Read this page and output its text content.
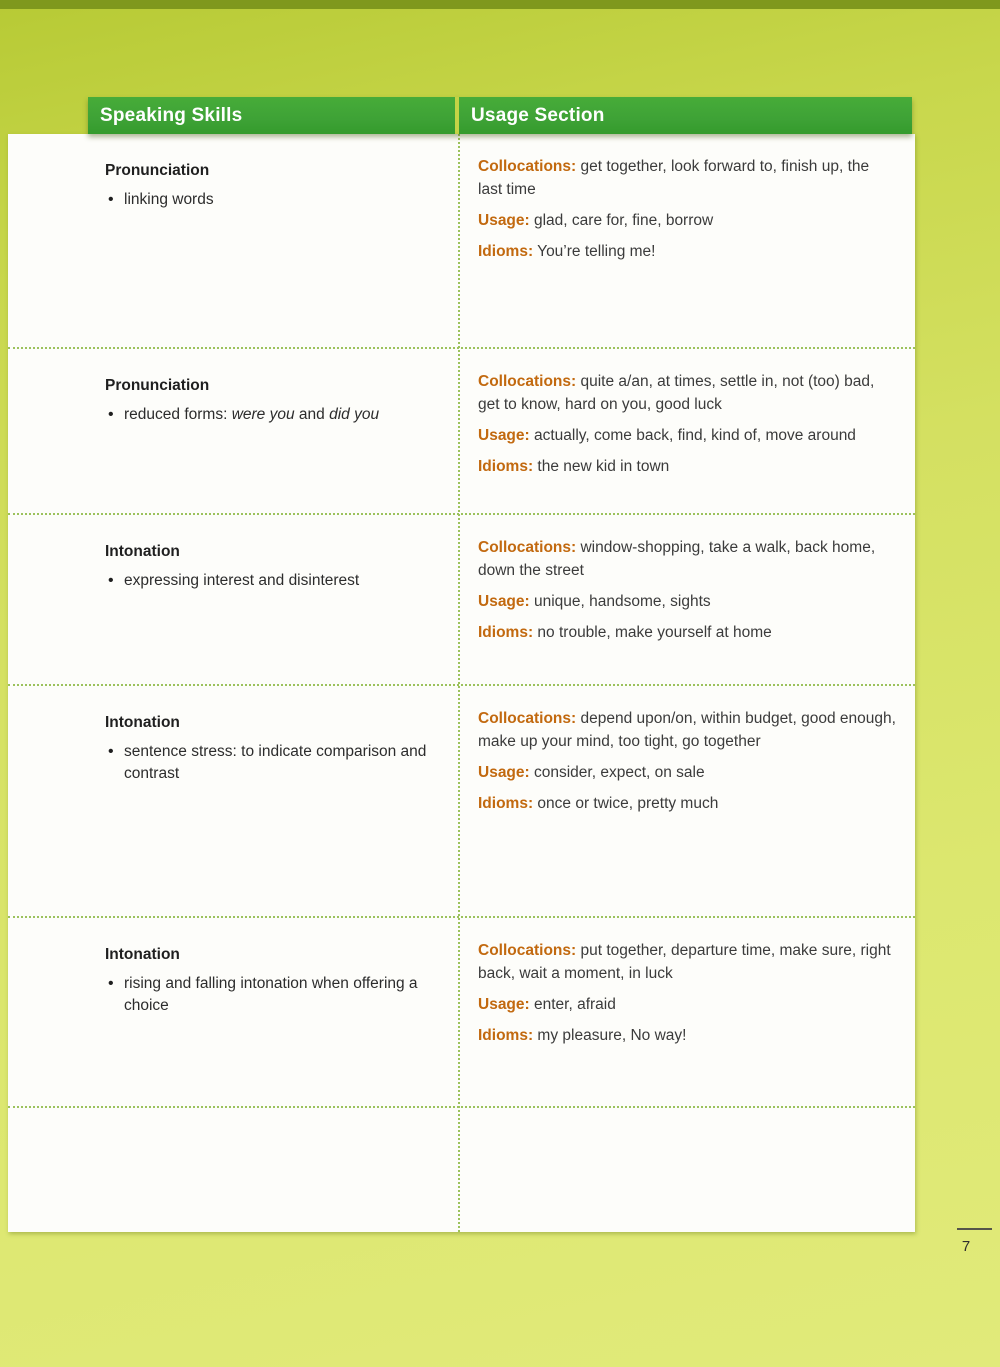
Pronunciation
• linking words

Collocations: get together, look forward to, finish up, the last time

Usage: glad, care for, fine, borrow

Idioms: You’re telling me!

Pronunciation
• reduced forms: were you and did you

Collocations: quite a/an, at times, settle in, not (too) bad, get to know, hard on you, good luck

Usage: actually, come back, find, kind of, move around

Idioms: the new kid in town

Intonation
• expressing interest and disinterest

Collocations: window-shopping, take a walk, back home, down the street

Usage: unique, handsome, sights

Idioms: no trouble, make yourself at home

Intonation
• sentence stress: to indicate comparison and contrast

Collocations: depend upon/on, within budget, good enough, make up your mind, too tight, go together

Usage: consider, expect, on sale

Idioms: once or twice, pretty much

Intonation
• rising and falling intonation when offering a choice

Collocations: put together, departure time, make sure, right back, wait a moment, in luck

Usage: enter, afraid

Idioms: my pleasure, No way!

Speaking Skills	Usage Section
7
